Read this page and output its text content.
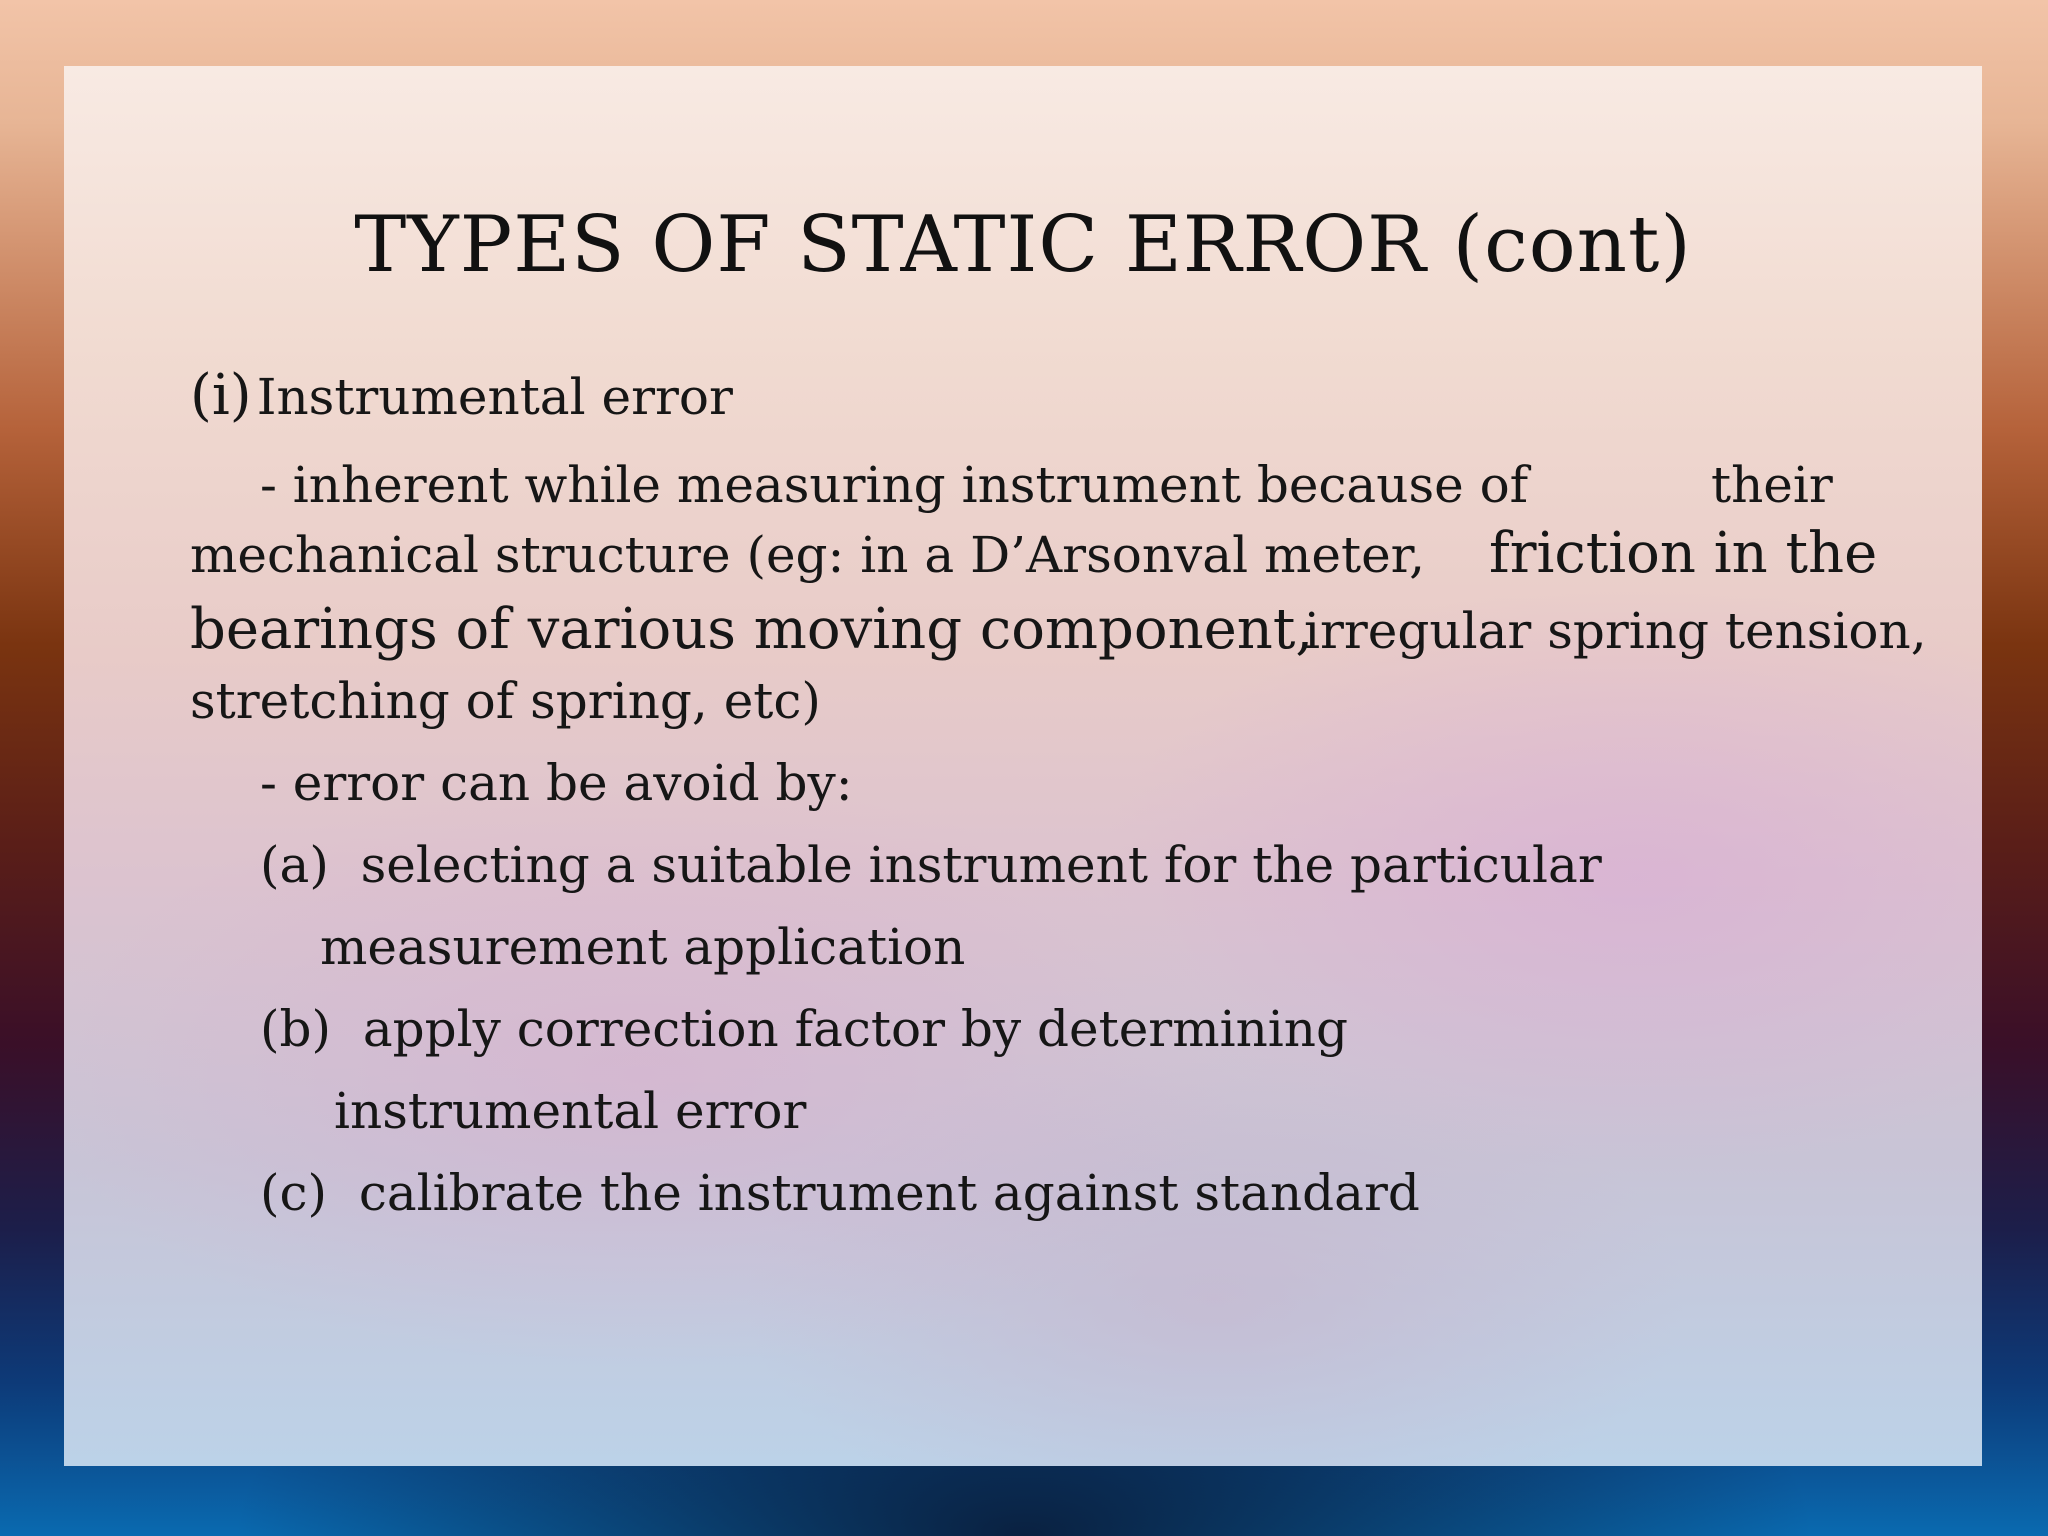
TYPES OF STATIC ERROR (cont)
(i) Instrumental error
- inherent while measuring instrument because of	their
mechanical structure (eg: in a D’Arsonval meter, friction in the
bearings of various moving component,
irregular spring tension,
stretching of spring, etc)
- error can be avoid by:
(a) selecting a suitable instrument for the particular
measurement application
(b) apply correction factor by determining
instrumental error
(c) calibrate the instrument against standard
